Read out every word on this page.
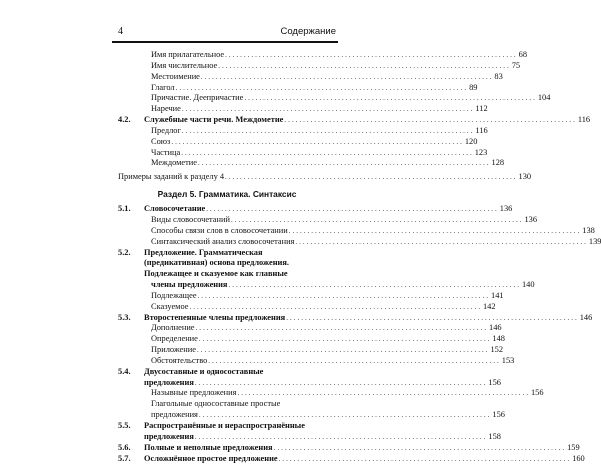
4	Содержание
Имя прилагательное .............................................................................. 68
Имя числительное .............................................................................. 75
Местоимение .............................................................................. 83
Глагол .............................................................................. 89
Причастие. Деепричастие .............................................................................. 104
Наречие .............................................................................. 112
4.2.	Служебные части речи. Междометие .............................................................................. 116
Предлог .............................................................................. 116
Союз .............................................................................. 120
Частица .............................................................................. 123
Междометие .............................................................................. 128
Примеры заданий к разделу 4 .............................................................................. 130
Раздел 5. Грамматика. Синтаксис
5.1.	Словосочетание .............................................................................. 136
Виды словосочетаний .............................................................................. 136
Способы связи слов в словосочетании .............................................................................. 138
Синтаксический анализ словосочетания .............................................................................. 139
5.2.	Предложение. Грамматическая
(предикативная) основа предложения.
Подлежащее и сказуемое как главные
члены предложения .............................................................................. 140
Подлежащее .............................................................................. 141
Сказуемое .............................................................................. 142
5.3.	Второстепенные члены предложения .............................................................................. 146
Дополнение .............................................................................. 146
Определение .............................................................................. 148
Приложение .............................................................................. 152
Обстоятельство .............................................................................. 153
5.4.	Двусоставные и односоставные
предложения .............................................................................. 156
Назывные предложения .............................................................................. 156
Глагольные односоставные простые
предложения .............................................................................. 156
5.5.	Распространённые и нераспространённые
предложения .............................................................................. 158
5.6.	Полные и неполные предложения .............................................................................. 159
5.7.	Осложнённое простое предложение .............................................................................. 160
